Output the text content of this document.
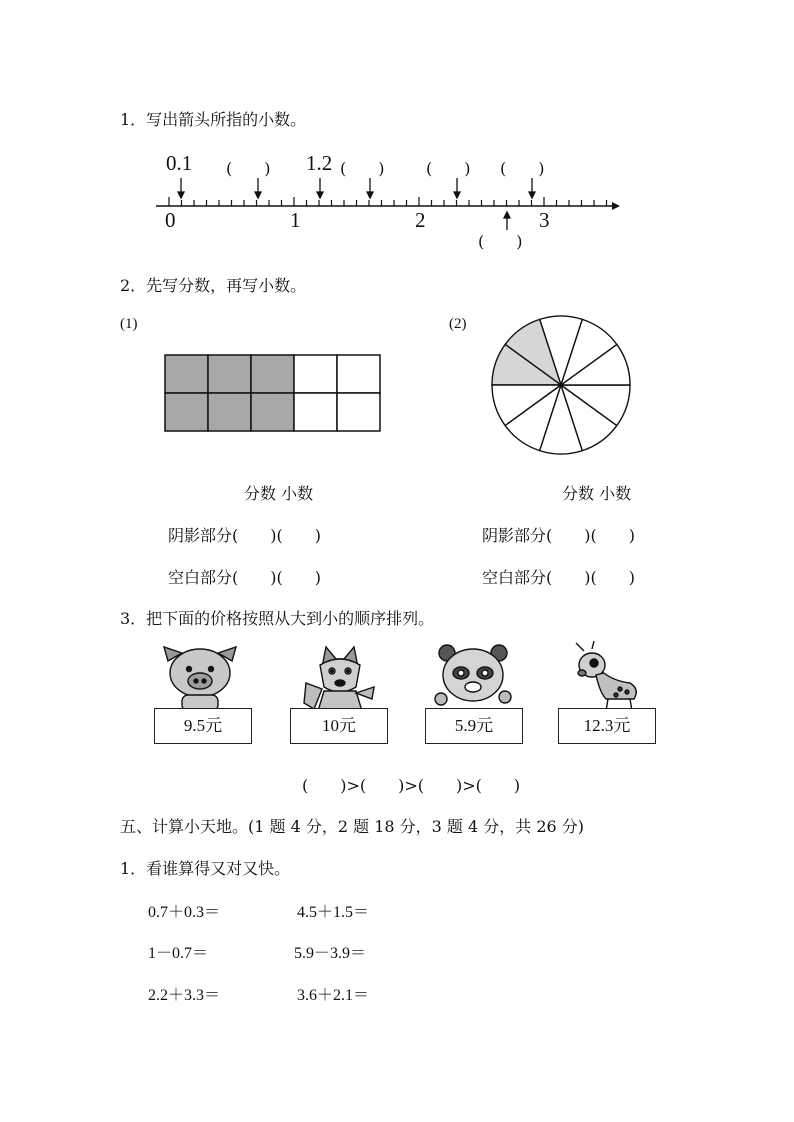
1．写出箭头所指的小数。
0.1	1.2
(　　)	(　　)	(　　) (　　)
(　　)
0	1	2	3
2．先写分数，再写小数。
(1)	(2)
分数 小数	分数 小数
阴影部分(　　)(　　)	阴影部分(　　)(　　)
空白部分(　　)(　　)	空白部分(　　)(　　)
3．把下面的价格按照从大到小的顺序排列。
9.5元	10元	5.9元	12.3元
(　　)>(　　)>(　　)>(　　)
五、计算小天地。(1 题 4 分，2 题 18 分，3 题 4 分，共 26 分)
1．看谁算得又对又快。
0.7＋0.3＝	4.5＋1.5＝
1－0.7＝	5.9－3.9＝
2.2＋3.3＝	3.6＋2.1＝
